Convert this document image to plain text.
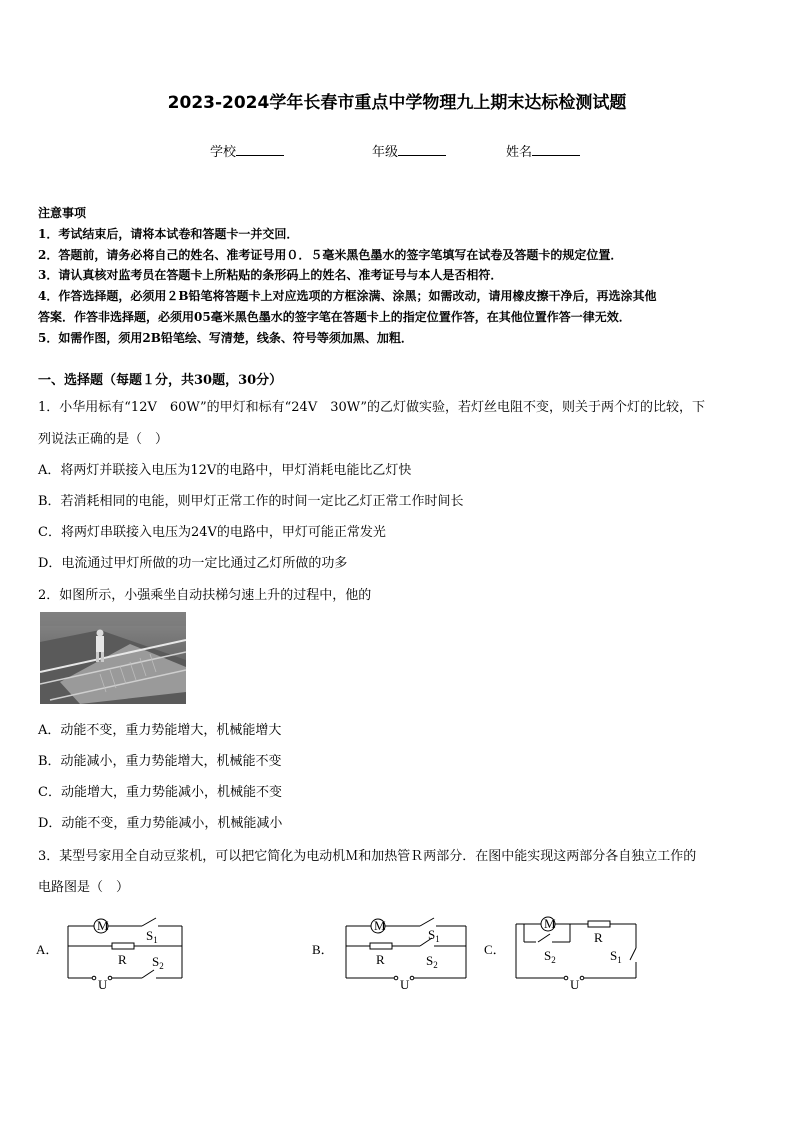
2023-2024学年长春市重点中学物理九上期末达标检测试题
学校	年级	姓名
注意事项
1．考试结束后，请将本试卷和答题卡一并交回．
2．答题前，请务必将自己的姓名、准考证号用０．５毫米黑色墨水的签字笔填写在试卷及答题卡的规定位置．
3．请认真核对监考员在答题卡上所粘贴的条形码上的姓名、准考证号与本人是否相符．
4．作答选择题，必须用２B铅笔将答题卡上对应选项的方框涂满、涂黑；如需改动，请用橡皮擦干净后，再选涂其他
答案．作答非选择题，必须用05毫米黑色墨水的签字笔在答题卡上的指定位置作答，在其他位置作答一律无效．
5．如需作图，须用2B铅笔绘、写清楚，线条、符号等须加黑、加粗．
一、选择题（每题１分，共30题，30分）
1．小华用标有“12V　60W”的甲灯和标有“24V　30W”的乙灯做实验，若灯丝电阻不变，则关于两个灯的比较，下
列说法正确的是（　）
A．将两灯并联接入电压为12V的电路中，甲灯消耗电能比乙灯快
B．若消耗相同的电能，则甲灯正常工作的时间一定比乙灯正常工作时间长
C．将两灯串联接入电压为24V的电路中，甲灯可能正常发光
D．电流通过甲灯所做的功一定比通过乙灯所做的功多
2．如图所示，小强乘坐自动扶梯匀速上升的过程中，他的
A．动能不变，重力势能增大，机械能增大
B．动能减小，重力势能增大，机械能不变
C．动能增大，重力势能减小，机械能不变
D．动能不变，重力势能减小，机械能减小
3．某型号家用全自动豆浆机，可以把它简化为电动机Ｍ和加热管Ｒ两部分．在图中能实现这两部分各自独立工作的
电路图是（　）
A．
M
$S_1$
R $S_2$
U
B．
M
$S_1$
R	$S_2$
U
C．
M
R
$S_1$
$S_2$
U
